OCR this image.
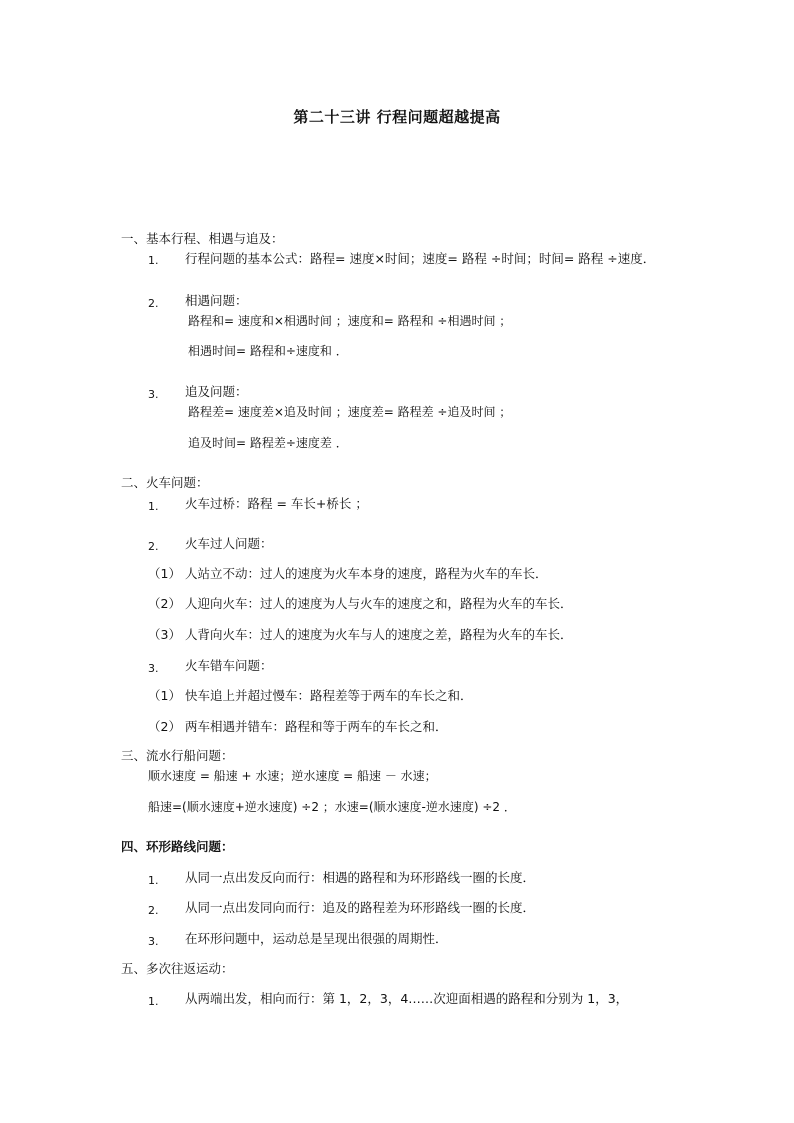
第二十三讲 行程问题超越提高
一、基本行程、相遇与追及：
1. 行程问题的基本公式：路程= 速度×时间；速度= 路程 ÷时间；时间= 路程 ÷速度．
2. 相遇问题：
路程和= 速度和×相遇时间 ；速度和= 路程和 ÷相遇时间 ；
相遇时间= 路程和÷速度和 ．
3. 追及问题：
路程差= 速度差×追及时间 ；速度差= 路程差 ÷追及时间 ；
追及时间= 路程差÷速度差 ．
二、火车问题：
1. 火车过桥：路程 = 车长+桥长 ；
2. 火车过人问题：
（1） 人站立不动：过人的速度为火车本身的速度，路程为火车的车长．
（2） 人迎向火车：过人的速度为人与火车的速度之和，路程为火车的车长．
（3） 人背向火车：过人的速度为火车与人的速度之差，路程为火车的车长．
3. 火车错车问题：
（1） 快车追上并超过慢车：路程差等于两车的车长之和．
（2） 两车相遇并错车：路程和等于两车的车长之和．
三、流水行船问题：
顺水速度 = 船速 + 水速；逆水速度 = 船速 － 水速；
船速=(顺水速度+逆水速度) ÷2 ；水速=(顺水速度-逆水速度) ÷2 ．
四、环形路线问题：
1. 从同一点出发反向而行：相遇的路程和为环形路线一圈的长度．
2. 从同一点出发同向而行：追及的路程差为环形路线一圈的长度．
3. 在环形问题中，运动总是呈现出很强的周期性．
五、多次往返运动：
1. 从两端出发，相向而行：第 1，2，3，4……次迎面相遇的路程和分别为 1，3，
